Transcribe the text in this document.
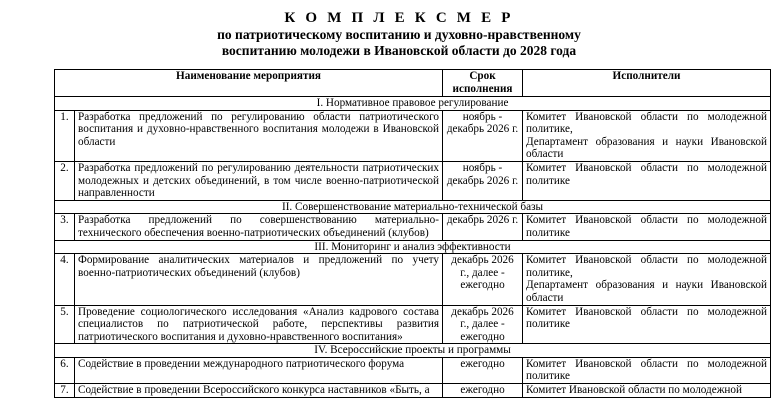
К О М П Л Е К С М Е Р
по патриотическому воспитанию и духовно-нравственному
воспитанию молодежи в Ивановской области до 2028 года
Наименование мероприятия		Срок исполнения	Исполнители
I. Нормативное правовое регулирование			
1.	Разработка предложений по регулированию области патриотического воспитания и духовно-нравственного воспитания молодежи в Ивановской области	ноябрь - декабрь 2026 г.	Комитет Ивановской области по молодежной политике,
Департамент образования и науки Ивановской области

2.	Разработка предложений по регулированию деятельности патриотических молодежных и детских объединений, в том числе военно-патриотической направленности	ноябрь - декабрь 2026 г.	Комитет Ивановской области по молодежной политике

II. Совершенствование материально-технической базы			
3.	Разработка предложений по совершенствованию материально-технического обеспечения военно-патриотических объединений (клубов)	декабрь 2026 г.	Комитет Ивановской области по молодежной политике

III. Мониторинг и анализ эффективности			
4.	Формирование аналитических материалов и предложений по учету военно-патриотических объединений (клубов)	декабрь 2026 г., далее - ежегодно	Комитет Ивановской области по молодежной политике,
Департамент образования и науки Ивановской области

5.	Проведение социологического исследования «Анализ кадрового состава специалистов по патриотической работе, перспективы развития патриотического воспитания и духовно-нравственного воспитания»	декабрь 2026 г., далее - ежегодно	Комитет Ивановской области по молодежной политике

IV. Всероссийские проекты и программы			
6.	Содействие в проведении международного патриотического форума	ежегодно	Комитет Ивановской области по молодежной политике

7.	Содействие в проведении Всероссийского конкурса наставников «Быть, а	ежегодно	Комитет Ивановской области по молодежной
